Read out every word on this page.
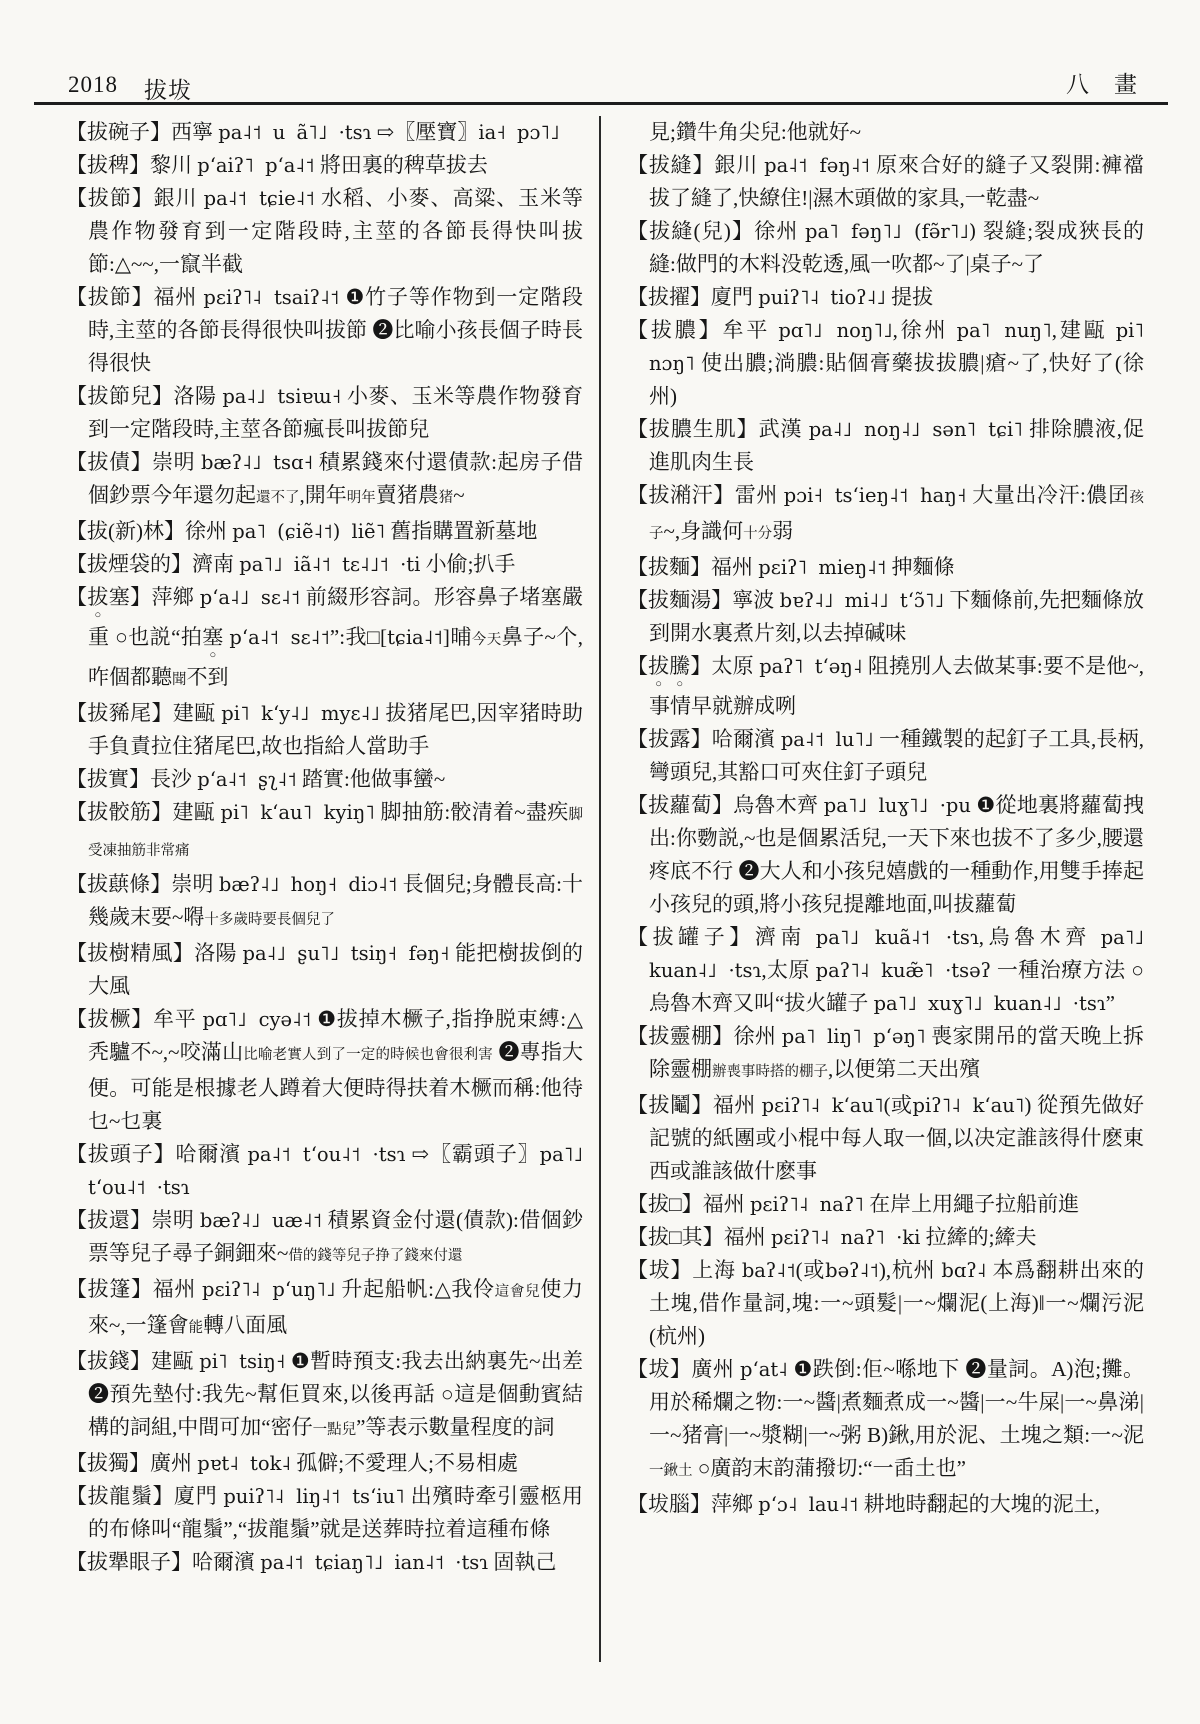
2018 拔坺	八　畫

【拔碗子】西寧 pa˨˦ u ã˥˩ ·tsɿ ⇨〖壓寶〗ia˧ pɔ˥˩

【拔稗】黎川 pʻaiʔ˥ pʻa˨˦ 將田裏的稗草拔去

【拔節】銀川 pa˨˦ tɕie˨˦ 水稻、小麥、高粱、玉米等農作物發育到一定階段時,主莖的各節長得快叫拔節:△~~,一竄半截

【拔節】福州 pɛiʔ˥˨ tsaiʔ˨˦ ❶竹子等作物到一定階段時,主莖的各節長得很快叫拔節 ❷比喻小孩長個子時長得很快

【拔節兒】洛陽 pa˨˩ tsiɐɯ˧ 小麥、玉米等農作物發育到一定階段時,主莖各節瘋長叫拔節兒

【拔債】崇明 bæʔ˨˩ tsɑ˧ 積累錢來付還債款:起房子借個鈔票今年還勿起還不了,開年明年賣猪農猪~

【拔(新)林】徐州 pa˥ (ɕiẽ˨˦) liẽ˥ 舊指購置新墓地

【拔煙袋的】濟南 pa˥˩ iã˨˦ tɛ˨˩˦ ·ti 小偷;扒手

【拔塞】萍鄉 pʻa˨˩ sɛ˨˦ 前綴形容詞。形容鼻子堵塞嚴重 ○也説“拍塞 pʻa˨˦ sɛ˨˦”:我□[tɕia˨˦]晡今天鼻子~个,咋個都聽聞不到

【拔豨尾】建甌 pi˥ kʻy˨˩ myɛ˨˩ 拔猪尾巴,因宰猪時助手負責拉住猪尾巴,故也指給人當助手

【拔實】長沙 pʻa˨˦ ʂʅ˨˦ 踏實:他做事蠻~

【拔骹筋】建甌 pi˥ kʻau˥ kyiŋ˥ 脚抽筋:骹清着~盡疾脚受凍抽筋非常痛

【拔蕻條】崇明 bæʔ˨˩ hoŋ˧ diɔ˨˦ 長個兒;身體長高:十幾歲末要~嘚十多歲時要長個兒了

【拔樹精風】洛陽 pa˨˩ ʂu˥˩ tsiŋ˧ fəŋ˧ 能把樹拔倒的大風

【拔橛】牟平 pɑ˥˩ cyə˨˦ ❶拔掉木橛子,指挣脱束縛:△秃驢不~,~咬滿山比喻老實人到了一定的時候也會很利害 ❷專指大便。可能是根據老人蹲着大便時得扶着木橛而稱:他待乜~乜裏

【拔頭子】哈爾濱 pa˨˦ tʻou˨˦ ·tsɿ ⇨〖霸頭子〗pa˥˩ tʻou˨˦ ·tsɿ

【拔還】崇明 bæʔ˨˩ uæ˨˦ 積累資金付還(債款):借個鈔票等兒子尋子銅鈿來~借的錢等兒子挣了錢來付還

【拔篷】福州 pɛiʔ˥˨ pʻuŋ˥˩ 升起船帆:△我伶這會兒使力來~,一篷會能轉八面風

【拔錢】建甌 pi˥ tsiŋ˧ ❶暫時預支:我去出納裏先~出差 ❷預先墊付:我先~幫佢買來,以後再話 ○這是個動賓結構的詞組,中間可加“密仔一點兒”等表示數量程度的詞

【拔獨】廣州 pɐt˨ tok˨ 孤僻;不愛理人;不易相處

【拔龍鬚】廈門 puiʔ˥˨ liŋ˨˦ tsʻiu˥ 出殯時牽引靈柩用的布條叫“龍鬚”,“拔龍鬚”就是送葬時拉着這種布條

【拔犟眼子】哈爾濱 pa˨˦ tɕiaŋ˥˩ ian˨˦ ·tsɿ 固執己

見;鑽牛角尖兒:他就好~

【拔縫】銀川 pa˨˦ fəŋ˨˦ 原來合好的縫子又裂開:褲襠拔了縫了,快繚住!|濕木頭做的家具,一乾盡~

【拔縫(兒)】徐州 pa˥ fəŋ˥˩ (fə̃r˥˩) 裂縫;裂成狹長的縫:做門的木料没乾透,風一吹都~了|桌子~了

【拔擢】廈門 puiʔ˥˨ tioʔ˨˩ 提拔

【拔膿】牟平 pɑ˥˩ noŋ˥˩,徐州 pa˥ nuŋ˥,建甌 pi˥ nɔŋ˥ 使出膿;淌膿:貼個膏藥拔拔膿|瘡~了,快好了(徐州)

【拔膿生肌】武漢 pa˨˩ noŋ˨˩ sən˥ tɕi˥ 排除膿液,促進肌肉生長

【拔潲汗】雷州 pɔi˧ tsʻieŋ˨˦ haŋ˧ 大量出冷汗:儂囝孩子~,身識何十分弱

【拔麵】福州 pɛiʔ˥ mieŋ˨˦ 抻麵條

【拔麵湯】寧波 bɐʔ˨˩ mi˨˩ tʻɔ̃˥˩ 下麵條前,先把麵條放到開水裏煮片刻,以去掉碱味

【拔騰】太原 paʔ˥ tʻəŋ˨ 阻撓別人去做某事:要不是他~,事情早就辦成咧

【拔露】哈爾濱 pa˨˦ lu˥˩ 一種鐵製的起釘子工具,長柄,彎頭兒,其豁口可夾住釘子頭兒

【拔蘿蔔】烏魯木齊 pa˥˩ luɣ˥˩ ·pu ❶從地裏將蘿蔔拽出:你覅説,~也是個累活兒,一天下來也拔不了多少,腰還疼底不行 ❷大人和小孩兒嬉戲的一種動作,用雙手捧起小孩兒的頭,將小孩兒提離地面,叫拔蘿蔔

【拔罐子】濟南 pa˥˩ kuã˨˦ ·tsɿ,烏魯木齊 pa˥˩ kuan˨˩ ·tsɿ,太原 paʔ˥˨ kuæ̃˥ ·tsəʔ 一種治療方法 ○烏魯木齊又叫“拔火罐子 pa˥˩ xuɣ˥˩ kuan˨˩ ·tsɿ”

【拔靈棚】徐州 pa˥ liŋ˥ pʻəŋ˥ 喪家開吊的當天晚上拆除靈棚辦喪事時搭的棚子,以便第二天出殯

【拔鬮】福州 pɛiʔ˥˨ kʻau˥(或piʔ˥˨ kʻau˥) 從預先做好記號的紙團或小棍中每人取一個,以决定誰該得什麽東西或誰該做什麽事

【拔□】福州 pɛiʔ˥˨ naʔ˥ 在岸上用繩子拉船前進

【拔□其】福州 pɛiʔ˥˨ naʔ˥ ·ki 拉縴的;縴夫

【坺】上海 baʔ˨˦(或bəʔ˨˦),杭州 bɑʔ˨ 本爲翻耕出來的土塊,借作量詞,塊:一~頭髮|一~爛泥(上海)‖一~爛污泥(杭州)

【坺】廣州 pʻat˨ ❶跌倒:佢~喺地下 ❷量詞。A)泡;攤。用於稀爛之物:一~醬|煮麵煮成一~醬|一~牛屎|一~鼻涕|一~猪膏|一~漿糊|一~粥 B)鍬,用於泥、土塊之類:一~泥一鍬土 ○廣韵末韵蒲撥切:“一臿土也”

【坺腦】萍鄉 pʻɔ˨ lau˨˦ 耕地時翻起的大塊的泥土,
